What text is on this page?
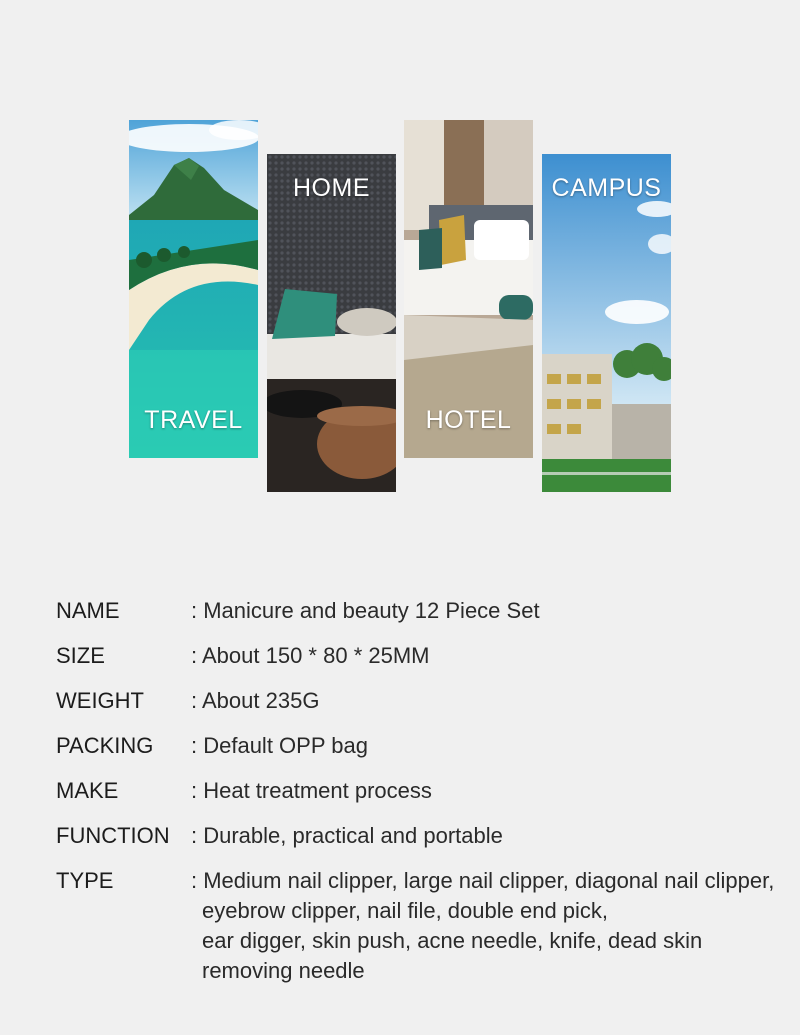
TRAVEL
HOME
HOTEL
CAMPUS
NAME	: Manicure and beauty 12 Piece Set
SIZE	: About 150 * 80 * 25MM
WEIGHT	: About 235G
PACKING	: Default OPP bag
MAKE	: Heat treatment process
FUNCTION : Durable, practical and portable
TYPE	: Medium nail clipper, large nail clipper, diagonal nail clipper,
eyebrow clipper, nail file, double end pick,
ear digger, skin push, acne needle, knife, dead skin
removing needle
